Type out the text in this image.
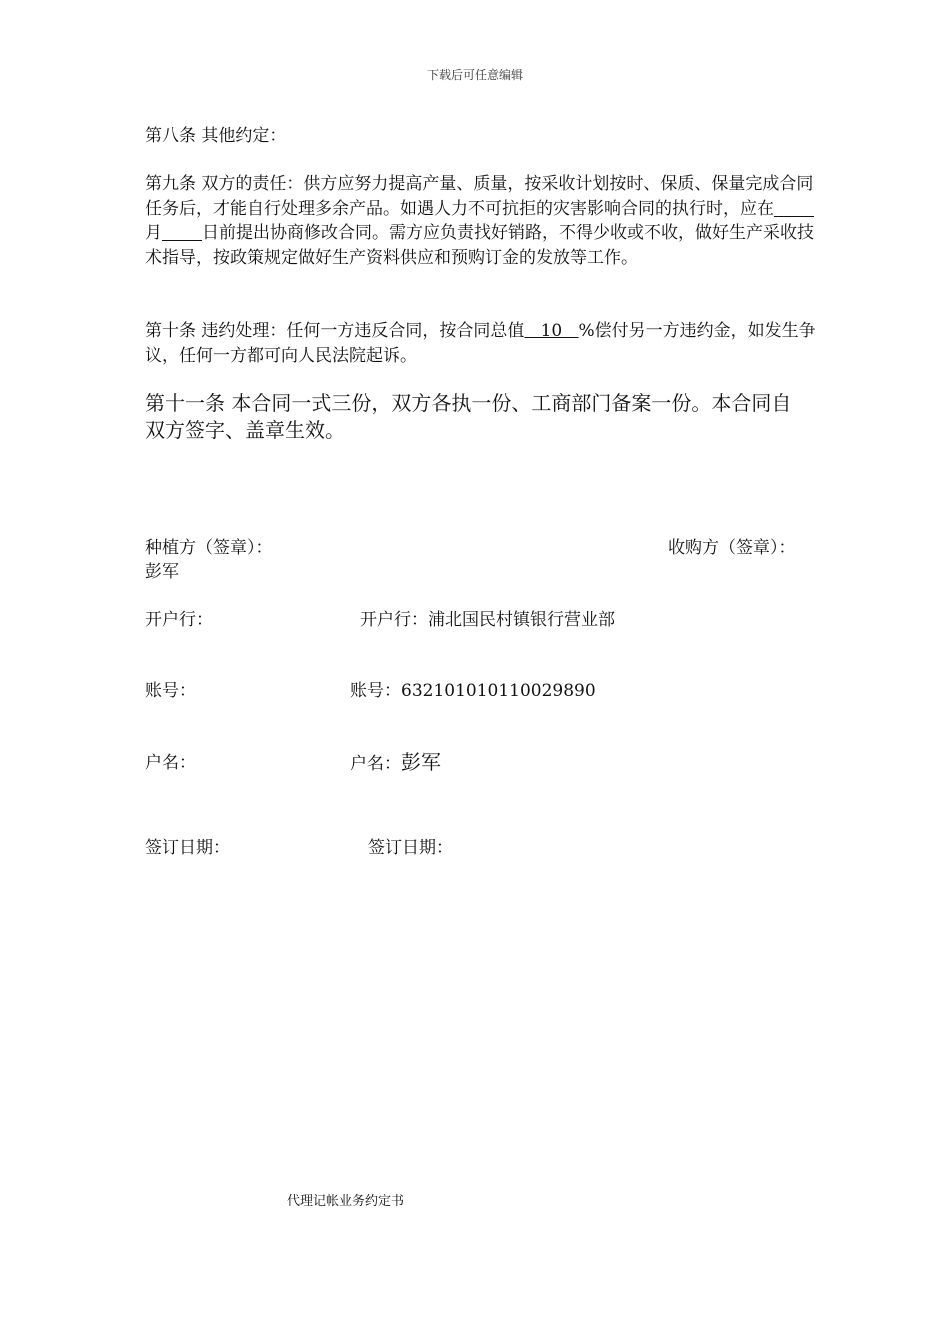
下载后可任意编辑
第八条 其他约定：
第九条 双方的责任：供方应努力提高产量、质量，按采收计划按时、保质、保量完成合同任务后，才能自行处理多余产品。如遇人力不可抗拒的灾害影响合同的执行时，应在月 日前提出协商修改合同。需方应负责找好销路，不得少收或不收，做好生产采收技术指导，按政策规定做好生产资料供应和预购订金的发放等工作。
第十条 违约处理：任何一方违反合同，按合同总值   10   %偿付另一方违约金，如发生争议，任何一方都可向人民法院起诉。
第十一条 本合同一式三份，双方各执一份、工商部门备案一份。本合同自双方签字、盖章生效。
种植方（签章）：	收购方（签章）：
彭军
开户行：	开户行：浦北国民村镇银行营业部
账号：	账号：632101010110029890
户名：	户名：彭军
签订日期：	签订日期：
代理记帐业务约定书
